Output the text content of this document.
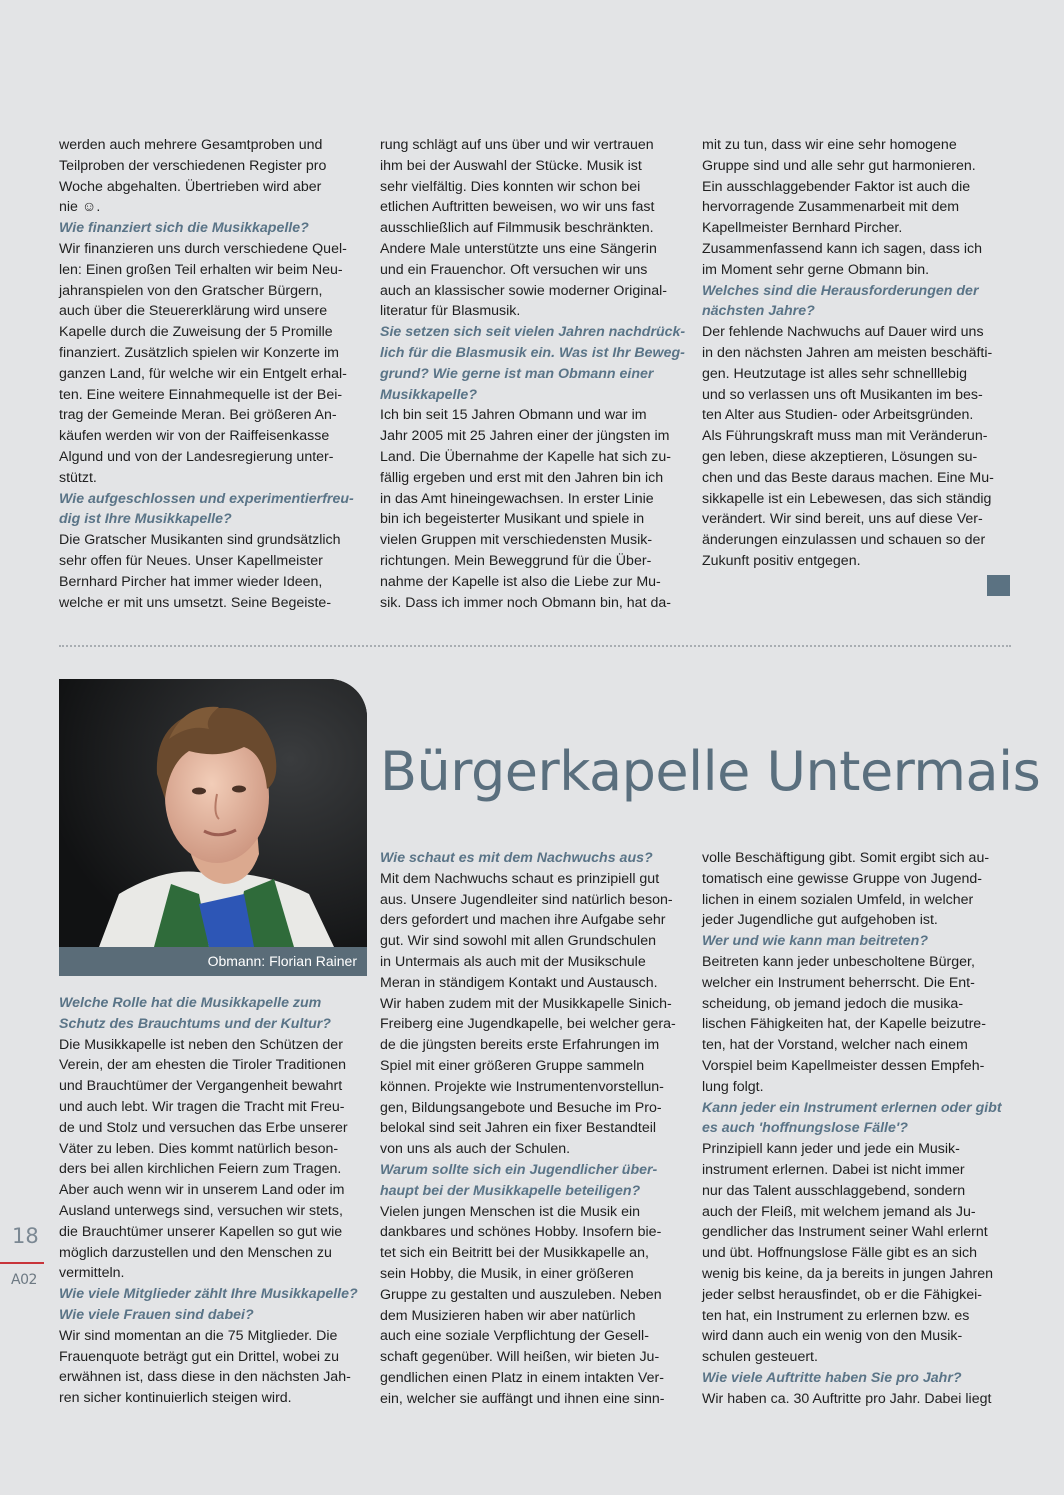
werden auch mehrere Gesamtproben und
Teilproben der verschiedenen Register pro
Woche abgehalten. Übertrieben wird aber
nie ☺.
Wie finanziert sich die Musikkapelle?
Wir finanzieren uns durch verschiedene Quel-
len: Einen großen Teil erhalten wir beim Neu-
jahranspielen von den Gratscher Bürgern,
auch über die Steuererklärung wird unsere
Kapelle durch die Zuweisung der 5 Promille
finanziert. Zusätzlich spielen wir Konzerte im
ganzen Land, für welche wir ein Entgelt erhal-
ten. Eine weitere Einnahmequelle ist der Bei-
trag der Gemeinde Meran. Bei größeren An-
käufen werden wir von der Raiffeisenkasse
Algund und von der Landesregierung unter-
stützt.
Wie aufgeschlossen und experimentierfreu-
dig ist Ihre Musikkapelle?
Die Gratscher Musikanten sind grundsätzlich
sehr offen für Neues. Unser Kapellmeister
Bernhard Pircher hat immer wieder Ideen,
welche er mit uns umsetzt. Seine Begeiste-
rung schlägt auf uns über und wir vertrauen
ihm bei der Auswahl der Stücke. Musik ist
sehr vielfältig. Dies konnten wir schon bei
etlichen Auftritten beweisen, wo wir uns fast
ausschließlich auf Filmmusik beschränkten.
Andere Male unterstützte uns eine Sängerin
und ein Frauenchor. Oft versuchen wir uns
auch an klassischer sowie moderner Original-
literatur für Blasmusik.
Sie setzen sich seit vielen Jahren nachdrück-
lich für die Blasmusik ein. Was ist Ihr Beweg-
grund? Wie gerne ist man Obmann einer
Musikkapelle?
Ich bin seit 15 Jahren Obmann und war im
Jahr 2005 mit 25 Jahren einer der jüngsten im
Land. Die Übernahme der Kapelle hat sich zu-
fällig ergeben und erst mit den Jahren bin ich
in das Amt hineingewachsen. In erster Linie
bin ich begeisterter Musikant und spiele in
vielen Gruppen mit verschiedensten Musik-
richtungen. Mein Beweggrund für die Über-
nahme der Kapelle ist also die Liebe zur Mu-
sik. Dass ich immer noch Obmann bin, hat da-
mit zu tun, dass wir eine sehr homogene
Gruppe sind und alle sehr gut harmonieren.
Ein ausschlaggebender Faktor ist auch die
hervorragende Zusammenarbeit mit dem
Kapellmeister Bernhard Pircher.
Zusammenfassend kann ich sagen, dass ich
im Moment sehr gerne Obmann bin.
Welches sind die Herausforderungen der
nächsten Jahre?
Der fehlende Nachwuchs auf Dauer wird uns
in den nächsten Jahren am meisten beschäfti-
gen. Heutzutage ist alles sehr schnelllebig
und so verlassen uns oft Musikanten im bes-
ten Alter aus Studien- oder Arbeitsgründen.
Als Führungskraft muss man mit Veränderun-
gen leben, diese akzeptieren, Lösungen su-
chen und das Beste daraus machen. Eine Mu-
sikkapelle ist ein Lebewesen, das sich ständig
verändert. Wir sind bereit, uns auf diese Ver-
änderungen einzulassen und schauen so der
Zukunft positiv entgegen.
Obmann: Florian Rainer
Bürgerkapelle Untermais
Welche Rolle hat die Musikkapelle zum
Schutz des Brauchtums und der Kultur?
Die Musikkapelle ist neben den Schützen der
Verein, der am ehesten die Tiroler Traditionen
und Brauchtümer der Vergangenheit bewahrt
und auch lebt. Wir tragen die Tracht mit Freu-
de und Stolz und versuchen das Erbe unserer
Väter zu leben. Dies kommt natürlich beson-
ders bei allen kirchlichen Feiern zum Tragen.
Aber auch wenn wir in unserem Land oder im
Ausland unterwegs sind, versuchen wir stets,
die Brauchtümer unserer Kapellen so gut wie
möglich darzustellen und den Menschen zu
vermitteln.
Wie viele Mitglieder zählt Ihre Musikkapelle?
Wie viele Frauen sind dabei?
Wir sind momentan an die 75 Mitglieder. Die
Frauenquote beträgt gut ein Drittel, wobei zu
erwähnen ist, dass diese in den nächsten Jah-
ren sicher kontinuierlich steigen wird.
Wie schaut es mit dem Nachwuchs aus?
Mit dem Nachwuchs schaut es prinzipiell gut
aus. Unsere Jugendleiter sind natürlich beson-
ders gefordert und machen ihre Aufgabe sehr
gut. Wir sind sowohl mit allen Grundschulen
in Untermais als auch mit der Musikschule
Meran in ständigem Kontakt und Austausch.
Wir haben zudem mit der Musikkapelle Sinich-
Freiberg eine Jugendkapelle, bei welcher gera-
de die jüngsten bereits erste Erfahrungen im
Spiel mit einer größeren Gruppe sammeln
können. Projekte wie Instrumentenvorstellun-
gen, Bildungsangebote und Besuche im Pro-
belokal sind seit Jahren ein fixer Bestandteil
von uns als auch der Schulen.
Warum sollte sich ein Jugendlicher über-
haupt bei der Musikkapelle beteiligen?
Vielen jungen Menschen ist die Musik ein
dankbares und schönes Hobby. Insofern bie-
tet sich ein Beitritt bei der Musikkapelle an,
sein Hobby, die Musik, in einer größeren
Gruppe zu gestalten und auszuleben. Neben
dem Musizieren haben wir aber natürlich
auch eine soziale Verpflichtung der Gesell-
schaft gegenüber. Will heißen, wir bieten Ju-
gendlichen einen Platz in einem intakten Ver-
ein, welcher sie auffängt und ihnen eine sinn-
volle Beschäftigung gibt. Somit ergibt sich au-
tomatisch eine gewisse Gruppe von Jugend-
lichen in einem sozialen Umfeld, in welcher
jeder Jugendliche gut aufgehoben ist.
Wer und wie kann man beitreten?
Beitreten kann jeder unbescholtene Bürger,
welcher ein Instrument beherrscht. Die Ent-
scheidung, ob jemand jedoch die musika-
lischen Fähigkeiten hat, der Kapelle beizutre-
ten, hat der Vorstand, welcher nach einem
Vorspiel beim Kapellmeister dessen Empfeh-
lung folgt.
Kann jeder ein Instrument erlernen oder gibt
es auch 'hoffnungslose Fälle'?
Prinzipiell kann jeder und jede ein Musik-
instrument erlernen. Dabei ist nicht immer
nur das Talent ausschlaggebend, sondern
auch der Fleiß, mit welchem jemand als Ju-
gendlicher das Instrument seiner Wahl erlernt
und übt. Hoffnungslose Fälle gibt es an sich
wenig bis keine, da ja bereits in jungen Jahren
jeder selbst herausfindet, ob er die Fähigkei-
ten hat, ein Instrument zu erlernen bzw. es
wird dann auch ein wenig von den Musik-
schulen gesteuert.
Wie viele Auftritte haben Sie pro Jahr?
Wir haben ca. 30 Auftritte pro Jahr. Dabei liegt
18
A02
